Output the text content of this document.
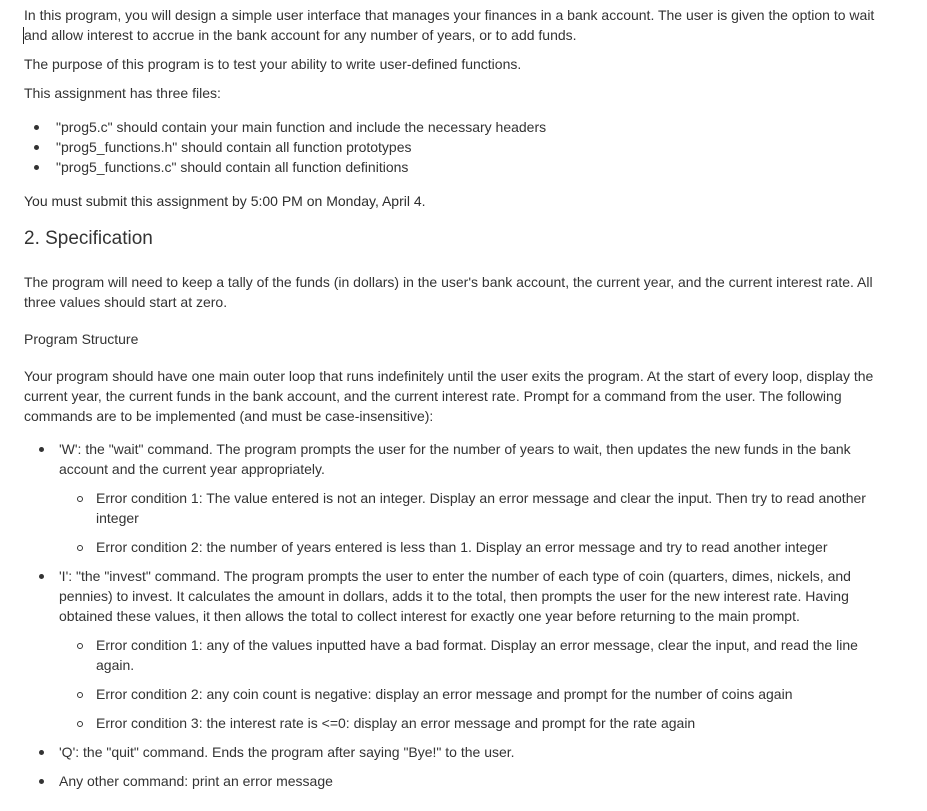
In this program, you will design a simple user interface that manages your finances in a bank account. The user is given the option to wait and allow interest to accrue in the bank account for any number of years, or to add funds.

The purpose of this program is to test your ability to write user-defined functions.

This assignment has three files:

"prog5.c" should contain your main function and include the necessary headers
"prog5_functions.h" should contain all function prototypes
"prog5_functions.c" should contain all function definitions

You must submit this assignment by 5:00 PM on Monday, April 4.

2. Specification

The program will need to keep a tally of the funds (in dollars) in the user's bank account, the current year, and the current interest rate. All three values should start at zero.

Program Structure

Your program should have one main outer loop that runs indefinitely until the user exits the program. At the start of every loop, display the current year, the current funds in the bank account, and the current interest rate. Prompt for a command from the user. The following commands are to be implemented (and must be case-insensitive):

'W': the "wait" command. The program prompts the user for the number of years to wait, then updates the new funds in the bank account and the current year appropriately.
Error condition 1: The value entered is not an integer. Display an error message and clear the input. Then try to read another integer
Error condition 2: the number of years entered is less than 1. Display an error message and try to read another integer
'I': "the "invest" command. The program prompts the user to enter the number of each type of coin (quarters, dimes, nickels, and pennies) to invest. It calculates the amount in dollars, adds it to the total, then prompts the user for the new interest rate. Having obtained these values, it then allows the total to collect interest for exactly one year before returning to the main prompt.
Error condition 1: any of the values inputted have a bad format. Display an error message, clear the input, and read the line again.
Error condition 2: any coin count is negative: display an error message and prompt for the number of coins again
Error condition 3: the interest rate is <=0: display an error message and prompt for the rate again
'Q': the "quit" command. Ends the program after saying "Bye!" to the user.
Any other command: print an error message
